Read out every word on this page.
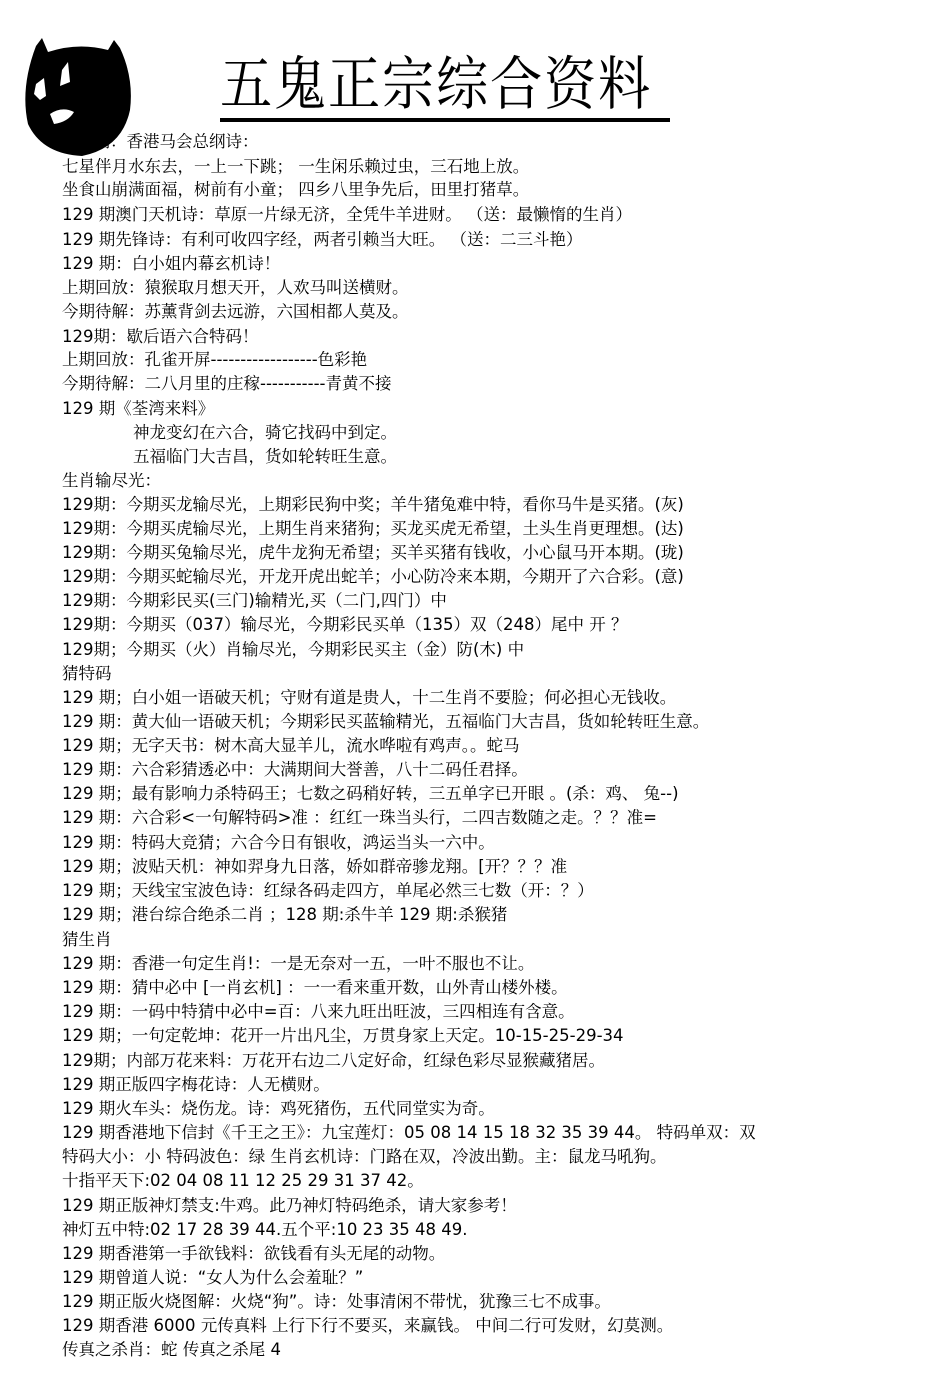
五鬼正宗综合资料
129期：香港马会总纲诗：
七星伴月水东去，一上一下跳； 一生闲乐赖过虫，三石地上放。
坐食山崩满面福，树前有小童； 四乡八里争先后，田里打猪草。
129 期澳门天机诗：草原一片绿无济，全凭牛羊进财。 （送：最懒惰的生肖）
129 期先锋诗：有利可收四字经，两者引赖当大旺。 （送：二三斗艳）
129 期：白小姐内幕玄机诗！
上期回放：猿猴取月想天开，人欢马叫送横财。
今期待解：苏薰背剑去远游，六国相都人莫及。
129期：歇后语六合特码！
上期回放：孔雀开屏------------------色彩艳
今期待解：二八月里的庄稼-----------青黄不接
129 期《荃湾来料》
神龙变幻在六合，骑它找码中到定。
五福临门大吉昌，货如轮转旺生意。
生肖输尽光：
129期：今期买龙输尽光，上期彩民狗中奖；羊牛猪兔难中特，看你马牛是买猪。(灰)
129期：今期买虎输尽光，上期生肖来猪狗；买龙买虎无希望，土头生肖更理想。(达)
129期：今期买兔输尽光，虎牛龙狗无希望；买羊买猪有钱收，小心鼠马开本期。(珑)
129期：今期买蛇输尽光，开龙开虎出蛇羊；小心防冷来本期，今期开了六合彩。(意)
129期：今期彩民买(三门)输精光,买（二门,四门）中
129期：今期买（037）输尽光，今期彩民买单（135）双（248）尾中 开 ？
129期；今期买（火）肖输尽光，今期彩民买主（金）防(木) 中
猜特码
129 期；白小姐一语破天机；守财有道是贵人，十二生肖不要脸；何必担心无钱收。
129 期：黄大仙一语破天机；今期彩民买蓝输精光，五福临门大吉昌，货如轮转旺生意。
129 期；无字天书：树木高大显羊儿，流水哗啦有鸡声。。蛇马
129 期：六合彩猜透必中：大满期间大誉善，八十二码任君择。
129 期；最有影响力杀特码王；七数之码稍好转，三五单字已开眼 。(杀：鸡、 兔--)
129 期：六合彩<一句解特码>准 ：红红一珠当头行，二四吉数随之走。？？准=
129 期：特码大竞猜；六合今日有银收，鸿运当头一六中。
129 期；波贴天机：神如羿身九日落，娇如群帝骖龙翔。[开？？？准
129 期；天线宝宝波色诗：红绿各码走四方，单尾必然三七数（开：？）
129 期；港台综合绝杀二肖 ；128 期:杀牛羊 129 期:杀猴猪
猜生肖
129 期：香港一句定生肖!：一是无奈对一五，一叶不服也不让。
129 期：猜中必中 [一肖玄机] ：一一看来重开数，山外青山楼外楼。
129 期：一码中特猜中必中=百：八来九旺出旺波，三四相连有含意。
129 期；一句定乾坤：花开一片出凡尘，万贯身家上天定。10-15-25-29-34
129期；内部万花来料：万花开右边二八定好命，红绿色彩尽显猴藏猪居。
129 期正版四字梅花诗：人无横财。
129 期火车头：烧伤龙。诗：鸡死猪伤，五代同堂实为奇。
129 期香港地下信封《千王之王》：九宝莲灯：05 08 14 15 18 32 35 39 44。 特码单双：双
特码大小：小 特码波色：绿 生肖玄机诗：门路在双，冷波出勤。主：鼠龙马吼狗。
十指平天下:02 04 08 11 12 25 29 31 37 42。
129 期正版神灯禁支:牛鸡。此乃神灯特码绝杀，请大家参考！
神灯五中特:02 17 28 39 44.五个平:10 23 35 48 49.
129 期香港第一手欲钱料：欲钱看有头无尾的动物。
129 期曾道人说：“女人为什么会羞耻？”
129 期正版火烧图解：火烧“狗”。诗：处事清闲不带忧，犹豫三七不成事。
129 期香港 6000 元传真料 上行下行不要买，来赢钱。 中间二行可发财，幻莫测。
传真之杀肖：蛇 传真之杀尾 4
